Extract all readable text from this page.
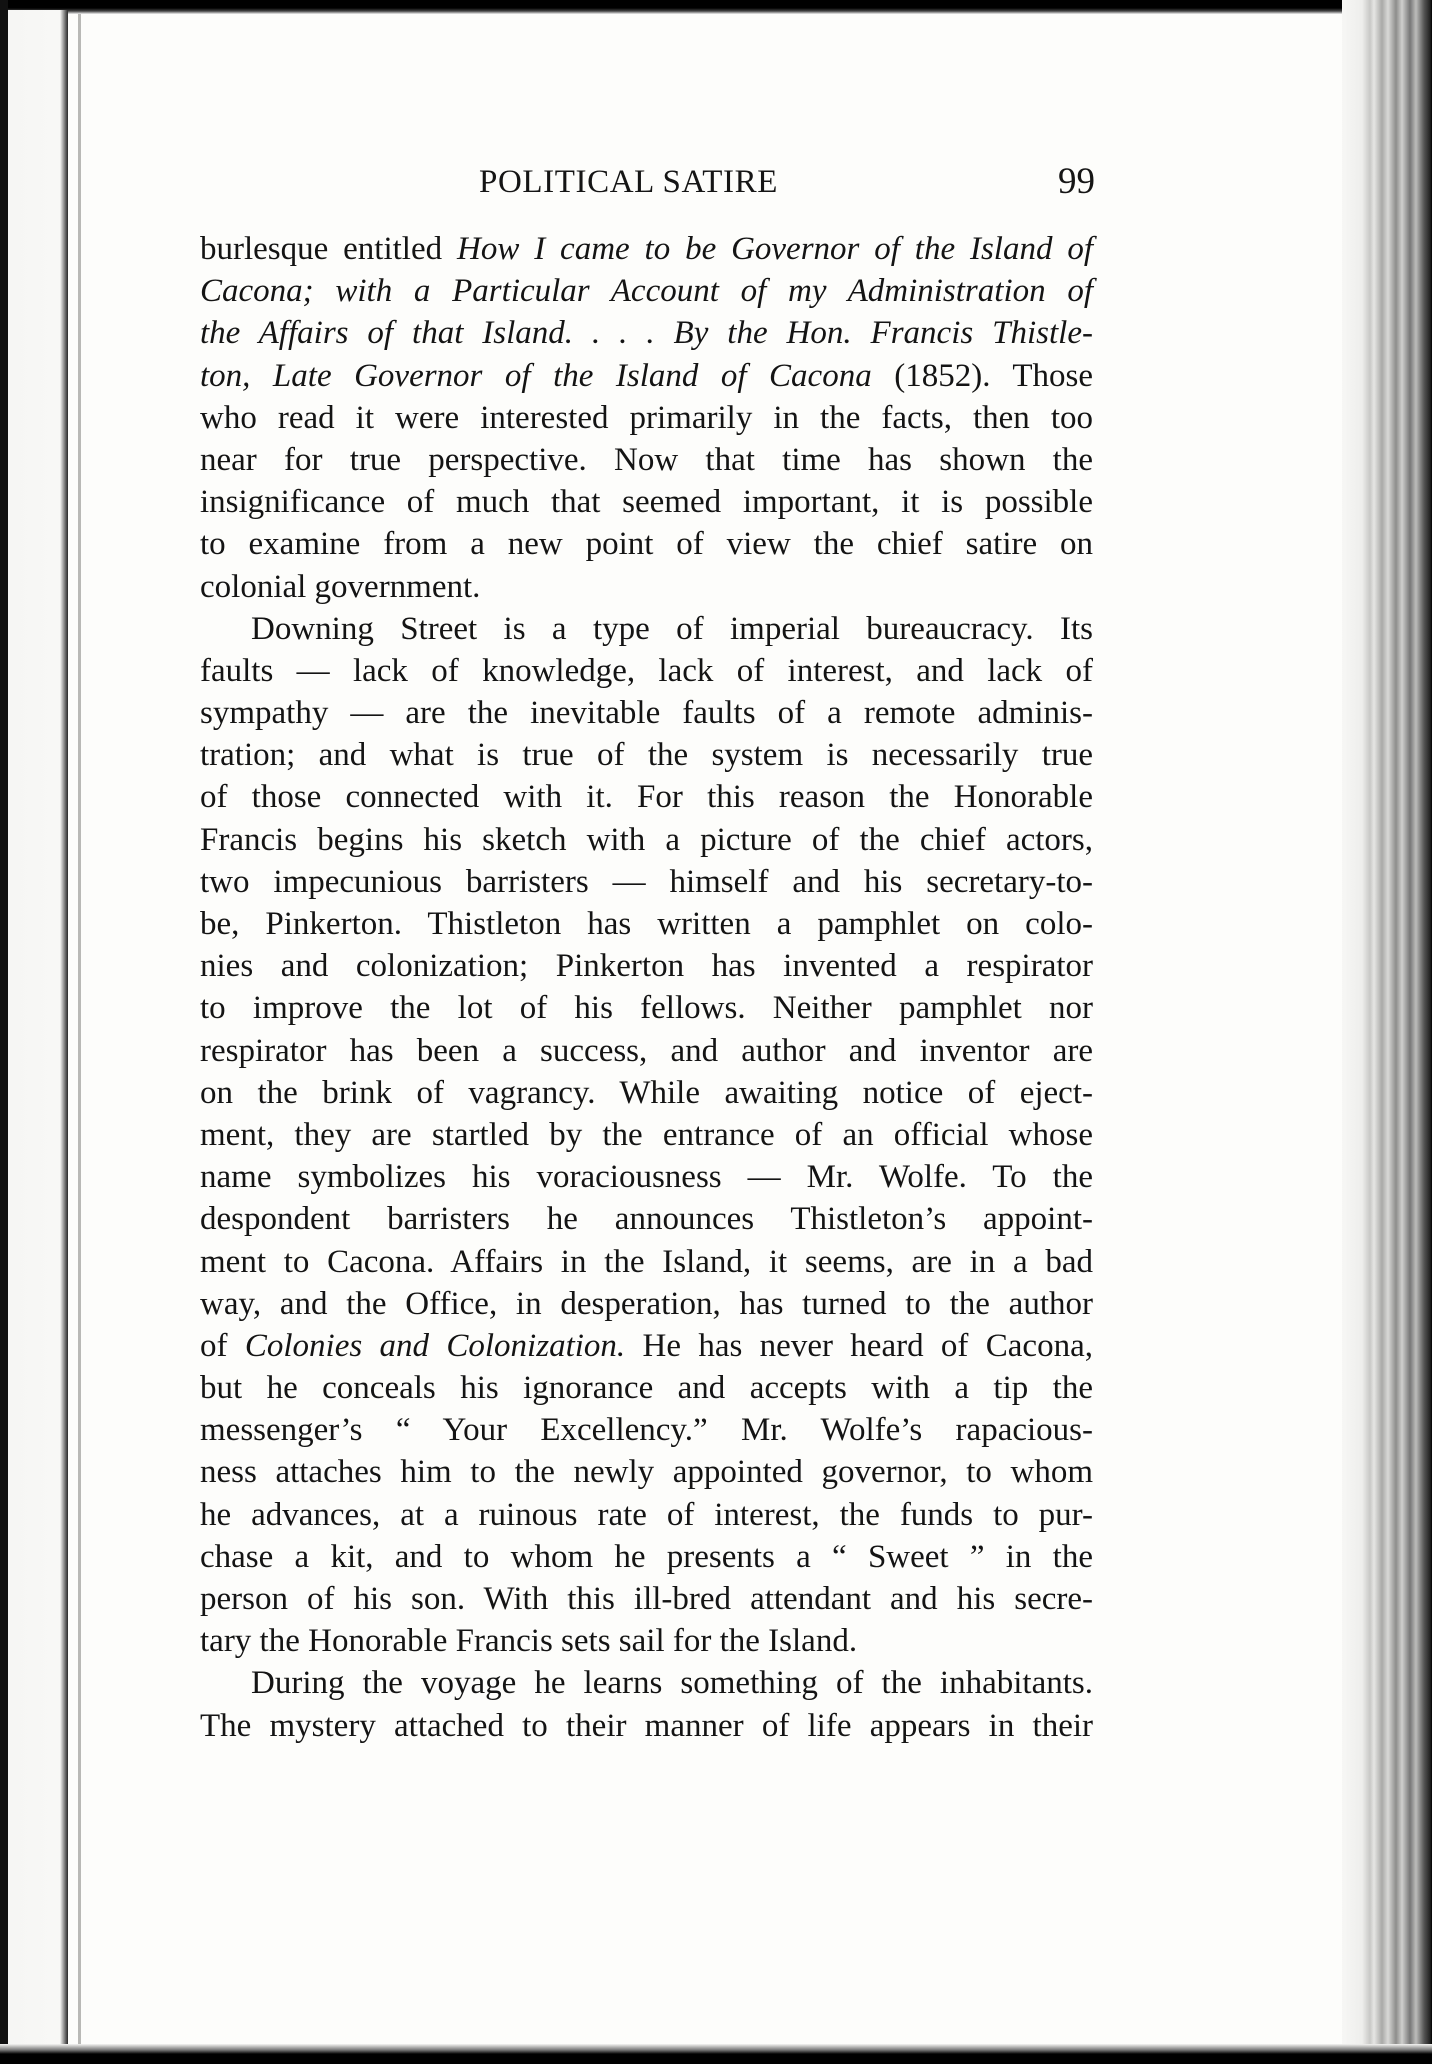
POLITICAL SATIRE	99
burlesque entitled How I came to be Governor of the Island of
Cacona; with a Particular Account of my Administration of
the Affairs of that Island. . . . By the Hon. Francis Thistle-
ton, Late Governor of the Island of Cacona (1852). Those
who read it were interested primarily in the facts, then too
near for true perspective. Now that time has shown the
insignificance of much that seemed important, it is possible
to examine from a new point of view the chief satire on
colonial government.
Downing Street is a type of imperial bureaucracy. Its
faults — lack of knowledge, lack of interest, and lack of
sympathy — are the inevitable faults of a remote adminis-
tration; and what is true of the system is necessarily true
of those connected with it. For this reason the Honorable
Francis begins his sketch with a picture of the chief actors,
two impecunious barristers — himself and his secretary-to-
be, Pinkerton. Thistleton has written a pamphlet on colo-
nies and colonization; Pinkerton has invented a respirator
to improve the lot of his fellows. Neither pamphlet nor
respirator has been a success, and author and inventor are
on the brink of vagrancy. While awaiting notice of eject-
ment, they are startled by the entrance of an official whose
name symbolizes his voraciousness — Mr. Wolfe. To the
despondent barristers he announces Thistleton’s appoint-
ment to Cacona. Affairs in the Island, it seems, are in a bad
way, and the Office, in desperation, has turned to the author
of Colonies and Colonization. He has never heard of Cacona,
but he conceals his ignorance and accepts with a tip the
messenger’s “ Your Excellency.” Mr. Wolfe’s rapacious-
ness attaches him to the newly appointed governor, to whom
he advances, at a ruinous rate of interest, the funds to pur-
chase a kit, and to whom he presents a “ Sweet ” in the
person of his son. With this ill-bred attendant and his secre-
tary the Honorable Francis sets sail for the Island.
During the voyage he learns something of the inhabitants.
The mystery attached to their manner of life appears in their
